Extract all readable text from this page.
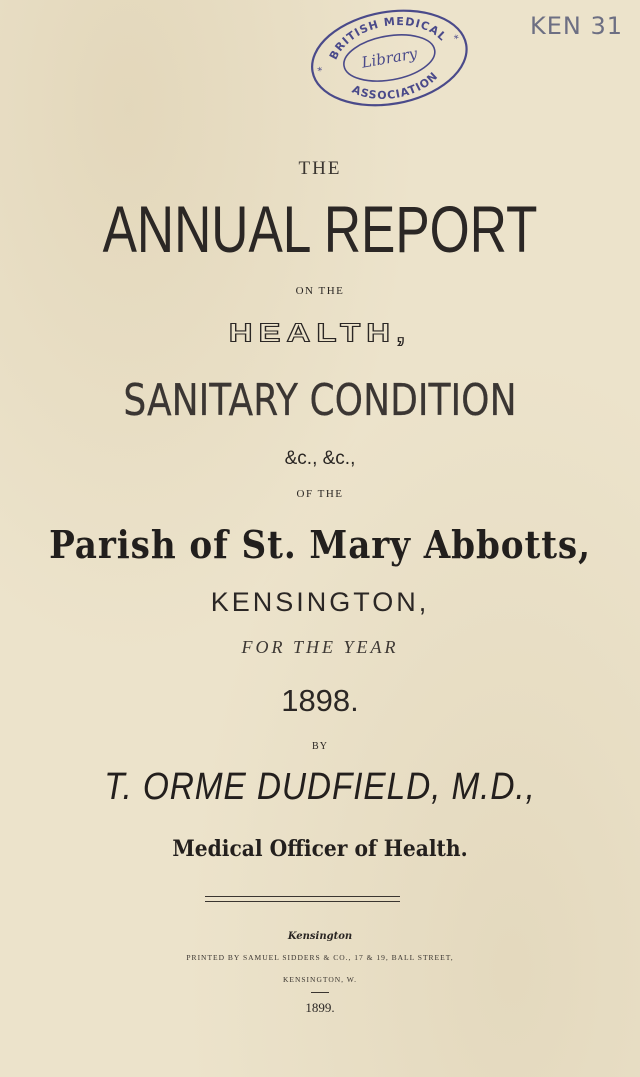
BRITISH MEDICAL
ASSOCIATION
Library
*
*	KEN 31
THE
ANNUAL REPORT
ON THE
HEALTH,
SANITARY CONDITION
&c., &c.,
OF THE
Parish of St. Mary Abbotts,
KENSINGTON,
FOR THE YEAR
1898.
BY
T. ORME DUDFIELD, M.D.,
Medical Officer of Health.
Kensington
PRINTED BY SAMUEL SIDDERS & CO., 17 & 19, BALL STREET,
KENSINGTON, W.
1899.
